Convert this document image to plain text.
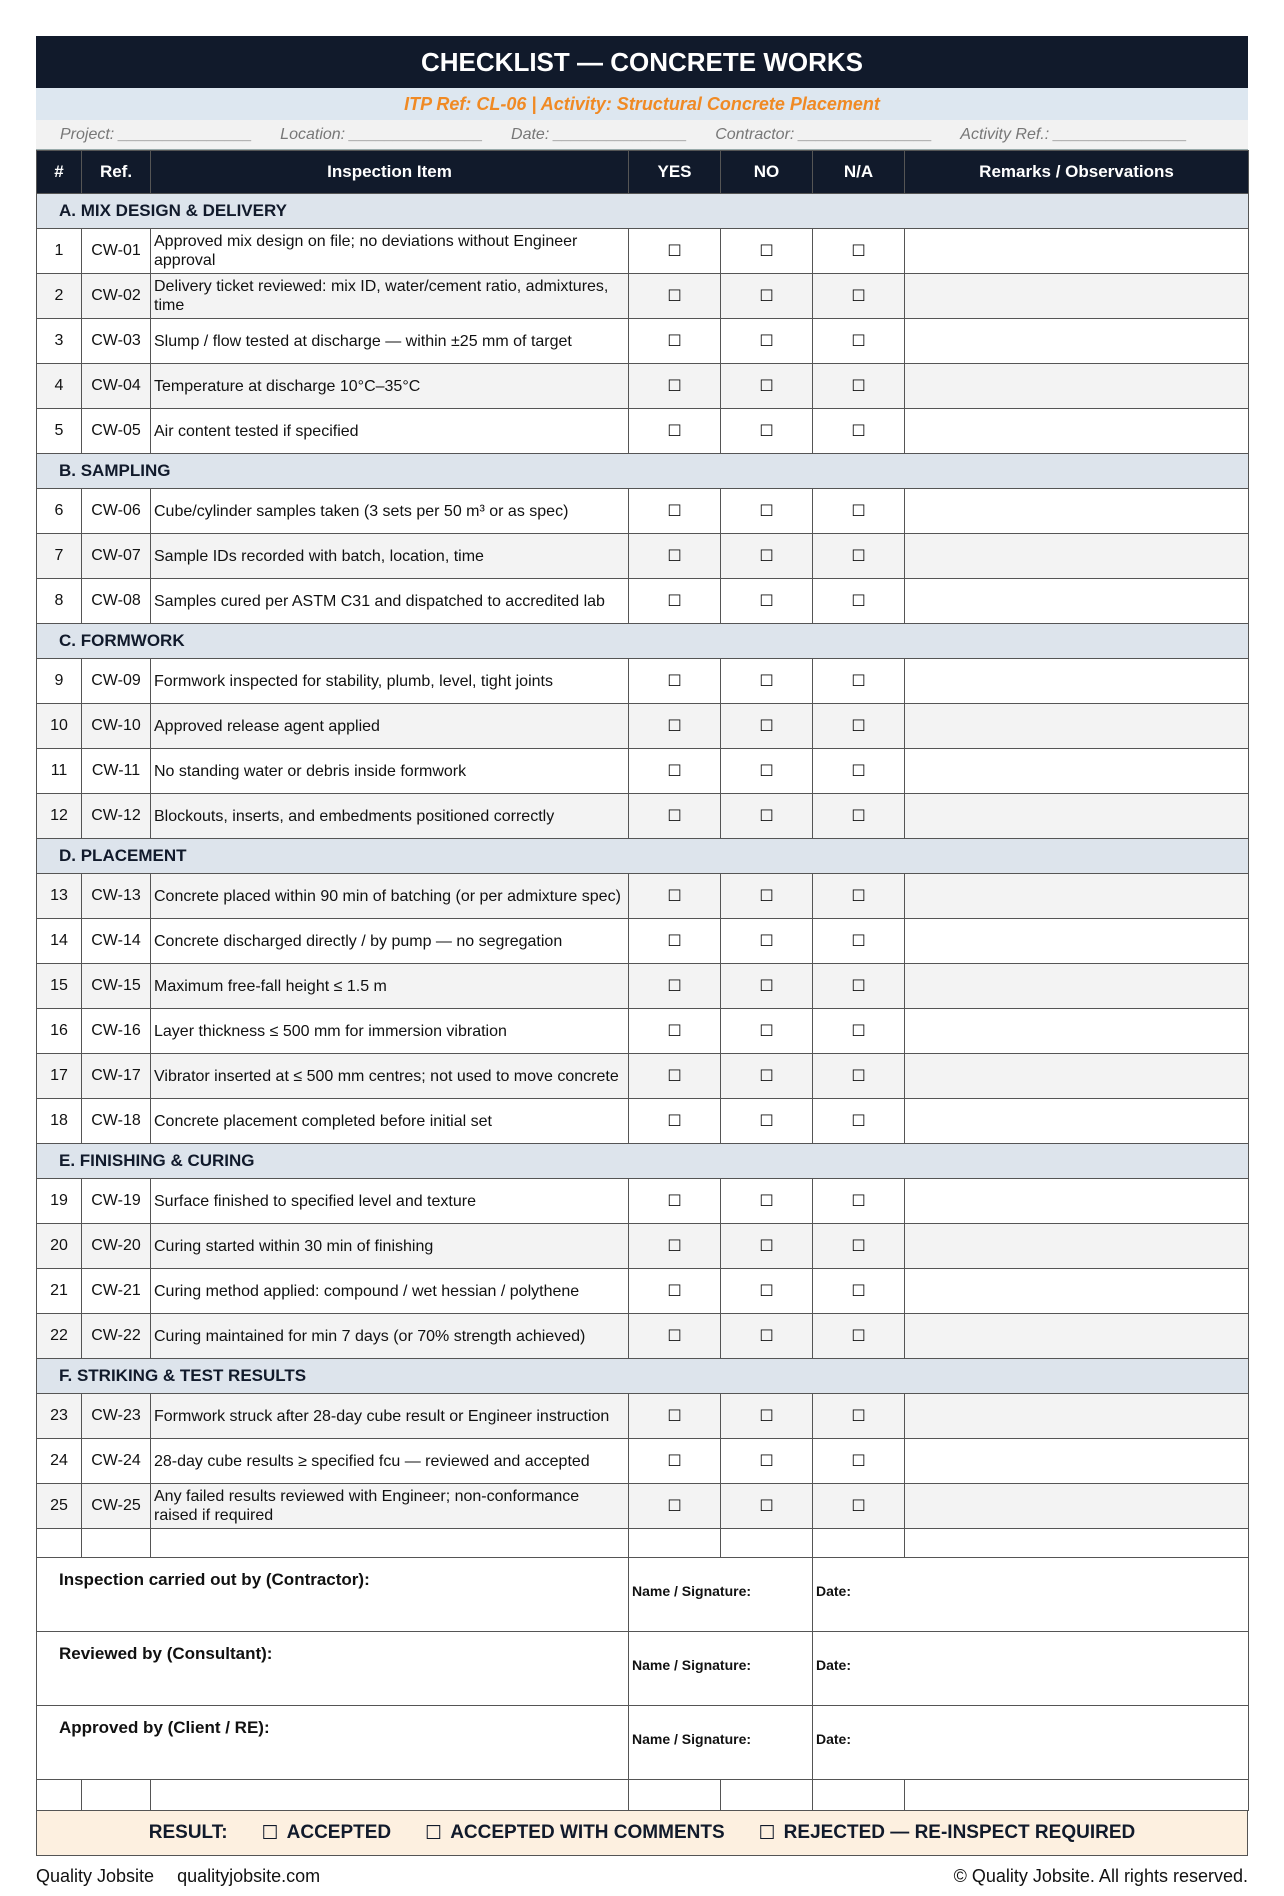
CHECKLIST — CONCRETE WORKS
ITP Ref: CL-06 | Activity: Structural Concrete Placement
Project: _______________ Location: _______________ Date: _______________ Contractor: _______________ Activity Ref.: _______________
#	Ref.	Inspection Item	YES	NO	N/A	Remarks / Observations
A. MIX DESIGN & DELIVERY						
1	CW-01	Approved mix design on file; no deviations without Engineer approval	☐	☐	☐	
2	CW-02	Delivery ticket reviewed: mix ID, water/cement ratio, admixtures, time	☐	☐	☐	
3	CW-03	Slump / flow tested at discharge — within ±25 mm of target	☐	☐	☐	
4	CW-04	Temperature at discharge 10°C–35°C	☐	☐	☐	
5	CW-05	Air content tested if specified	☐	☐	☐	
B. SAMPLING						
6	CW-06	Cube/cylinder samples taken (3 sets per 50 m³ or as spec)	☐	☐	☐	
7	CW-07	Sample IDs recorded with batch, location, time	☐	☐	☐	
8	CW-08	Samples cured per ASTM C31 and dispatched to accredited lab	☐	☐	☐	
C. FORMWORK						
9	CW-09	Formwork inspected for stability, plumb, level, tight joints	☐	☐	☐	
10	CW-10	Approved release agent applied	☐	☐	☐	
11	CW-11	No standing water or debris inside formwork	☐	☐	☐	
12	CW-12	Blockouts, inserts, and embedments positioned correctly	☐	☐	☐	
D. PLACEMENT						
13	CW-13	Concrete placed within 90 min of batching (or per admixture spec)	☐	☐	☐	
14	CW-14	Concrete discharged directly / by pump — no segregation	☐	☐	☐	
15	CW-15	Maximum free-fall height ≤ 1.5 m	☐	☐	☐	
16	CW-16	Layer thickness ≤ 500 mm for immersion vibration	☐	☐	☐	
17	CW-17	Vibrator inserted at ≤ 500 mm centres; not used to move concrete	☐	☐	☐	
18	CW-18	Concrete placement completed before initial set	☐	☐	☐	
E. FINISHING & CURING						
19	CW-19	Surface finished to specified level and texture	☐	☐	☐	
20	CW-20	Curing started within 30 min of finishing	☐	☐	☐	
21	CW-21	Curing method applied: compound / wet hessian / polythene	☐	☐	☐	
22	CW-22	Curing maintained for min 7 days (or 70% strength achieved)	☐	☐	☐	
F. STRIKING & TEST RESULTS						
23	CW-23	Formwork struck after 28-day cube result or Engineer instruction	☐	☐	☐	
24	CW-24	28-day cube results ≥ specified fcu — reviewed and accepted	☐	☐	☐	
25	CW-25	Any failed results reviewed with Engineer; non-conformance raised if required	☐	☐	☐	

Inspection carried out by (Contractor):	Name / Signature:	Date:
Reviewed by (Consultant):	Name / Signature:	Date:
Approved by (Client / RE):	Name / Signature:	Date:

RESULT: ☐ ACCEPTED ☐ ACCEPTED WITH COMMENTS ☐ REJECTED — RE-INSPECT REQUIRED
Quality Jobsite qualityjobsite.com	© Quality Jobsite. All rights reserved.
